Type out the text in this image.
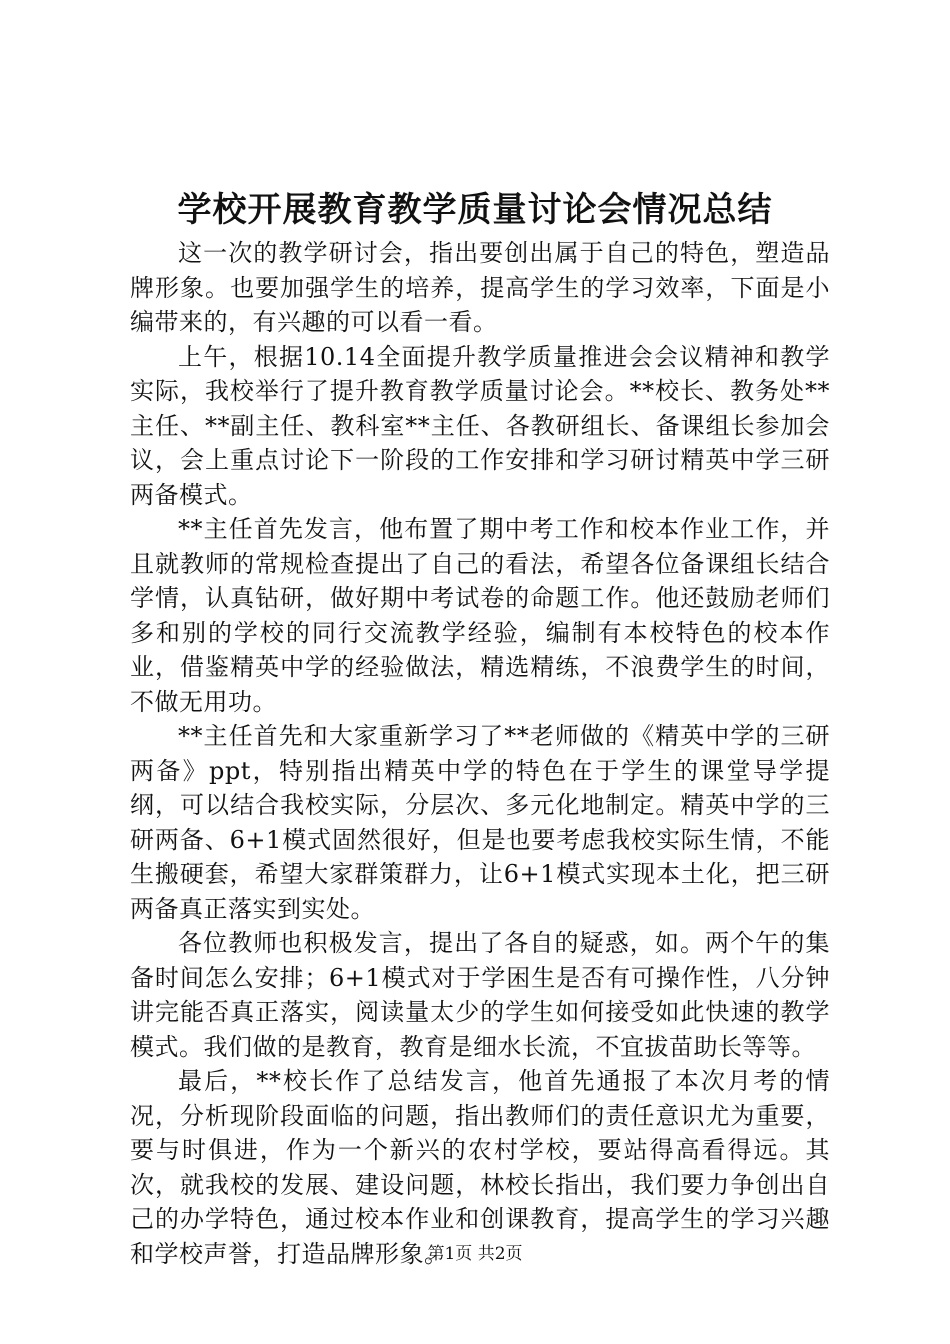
学校开展教育教学质量讨论会情况总结

这一次的教学研讨会，指出要创出属于自己的特色，塑造品牌形象。也要加强学生的培养，提高学生的学习效率，下面是小编带来的，有兴趣的可以看一看。

上午，根据10.14全面提升教学质量推进会会议精神和教学实际，我校举行了提升教育教学质量讨论会。**校长、教务处**主任、**副主任、教科室**主任、各教研组长、备课组长参加会议，会上重点讨论下一阶段的工作安排和学习研讨精英中学三研两备模式。

**主任首先发言，他布置了期中考工作和校本作业工作，并且就教师的常规检查提出了自己的看法，希望各位备课组长结合学情，认真钻研，做好期中考试卷的命题工作。他还鼓励老师们多和别的学校的同行交流教学经验，编制有本校特色的校本作业，借鉴精英中学的经验做法，精选精练，不浪费学生的时间，不做无用功。

**主任首先和大家重新学习了**老师做的《精英中学的三研两备》ppt，特别指出精英中学的特色在于学生的课堂导学提纲，可以结合我校实际，分层次、多元化地制定。精英中学的三研两备、6+1模式固然很好，但是也要考虑我校实际生情，不能生搬硬套，希望大家群策群力，让6+1模式实现本土化，把三研两备真正落实到实处。

各位教师也积极发言，提出了各自的疑惑，如。两个午的集备时间怎么安排；6+1模式对于学困生是否有可操作性，八分钟讲完能否真正落实，阅读量太少的学生如何接受如此快速的教学模式。我们做的是教育，教育是细水长流，不宜拔苗助长等等。

最后，**校长作了总结发言，他首先通报了本次月考的情况，分析现阶段面临的问题，指出教师们的责任意识尤为重要，要与时俱进，作为一个新兴的农村学校，要站得高看得远。其次，就我校的发展、建设问题，林校长指出，我们要力争创出自己的办学特色，通过校本作业和创课教育，提高学生的学习兴趣和学校声誉，打造品牌形象。

第1页 共2页
